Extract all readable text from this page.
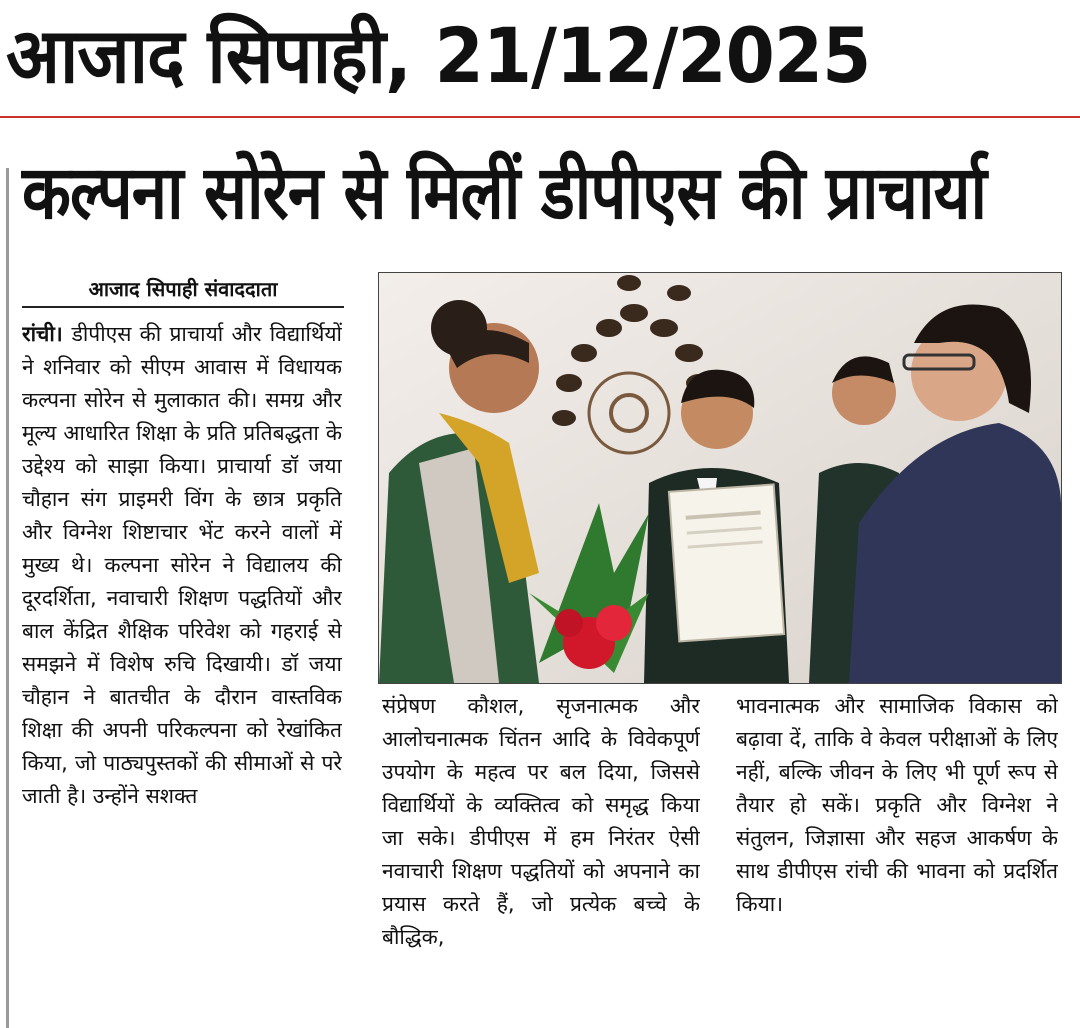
आजाद सिपाही, 21/12/2025
कल्पना सोरेन से मिलीं डीपीएस की प्राचार्या
आजाद सिपाही संवाददाता
रांची। डीपीएस की प्राचार्या और विद्यार्थियों ने शनिवार को सीएम आवास में विधायक कल्पना सोरेन से मुलाकात की। समग्र और मूल्य आधारित शिक्षा के प्रति प्रतिबद्धता के उद्देश्य को साझा किया। प्राचार्या डॉ जया चौहान संग प्राइमरी विंग के छात्र प्रकृति और विग्नेश शिष्टाचार भेंट करने वालों में मुख्य थे। कल्पना सोरेन ने विद्यालय की दूरदर्शिता, नवाचारी शिक्षण पद्धतियों और बाल केंद्रित शैक्षिक परिवेश को गहराई से समझने में विशेष रुचि दिखायी। डॉ जया चौहान ने बातचीत के दौरान वास्तविक शिक्षा की अपनी परिकल्पना को रेखांकित किया, जो पाठ्यपुस्तकों की सीमाओं से परे जाती है। उन्होंने सशक्त
संप्रेषण कौशल, सृजनात्मक और आलोचनात्मक चिंतन आदि के विवेकपूर्ण उपयोग के महत्व पर बल दिया, जिससे विद्यार्थियों के व्यक्तित्व को समृद्ध किया जा सके। डीपीएस में हम निरंतर ऐसी नवाचारी शिक्षण पद्धतियों को अपनाने का प्रयास करते हैं, जो प्रत्येक बच्चे के बौद्धिक,
भावनात्मक और सामाजिक विकास को बढ़ावा दें, ताकि वे केवल परीक्षाओं के लिए नहीं, बल्कि जीवन के लिए भी पूर्ण रूप से तैयार हो सकें। प्रकृति और विग्नेश ने संतुलन, जिज्ञासा और सहज आकर्षण के साथ डीपीएस रांची की भावना को प्रदर्शित किया।
